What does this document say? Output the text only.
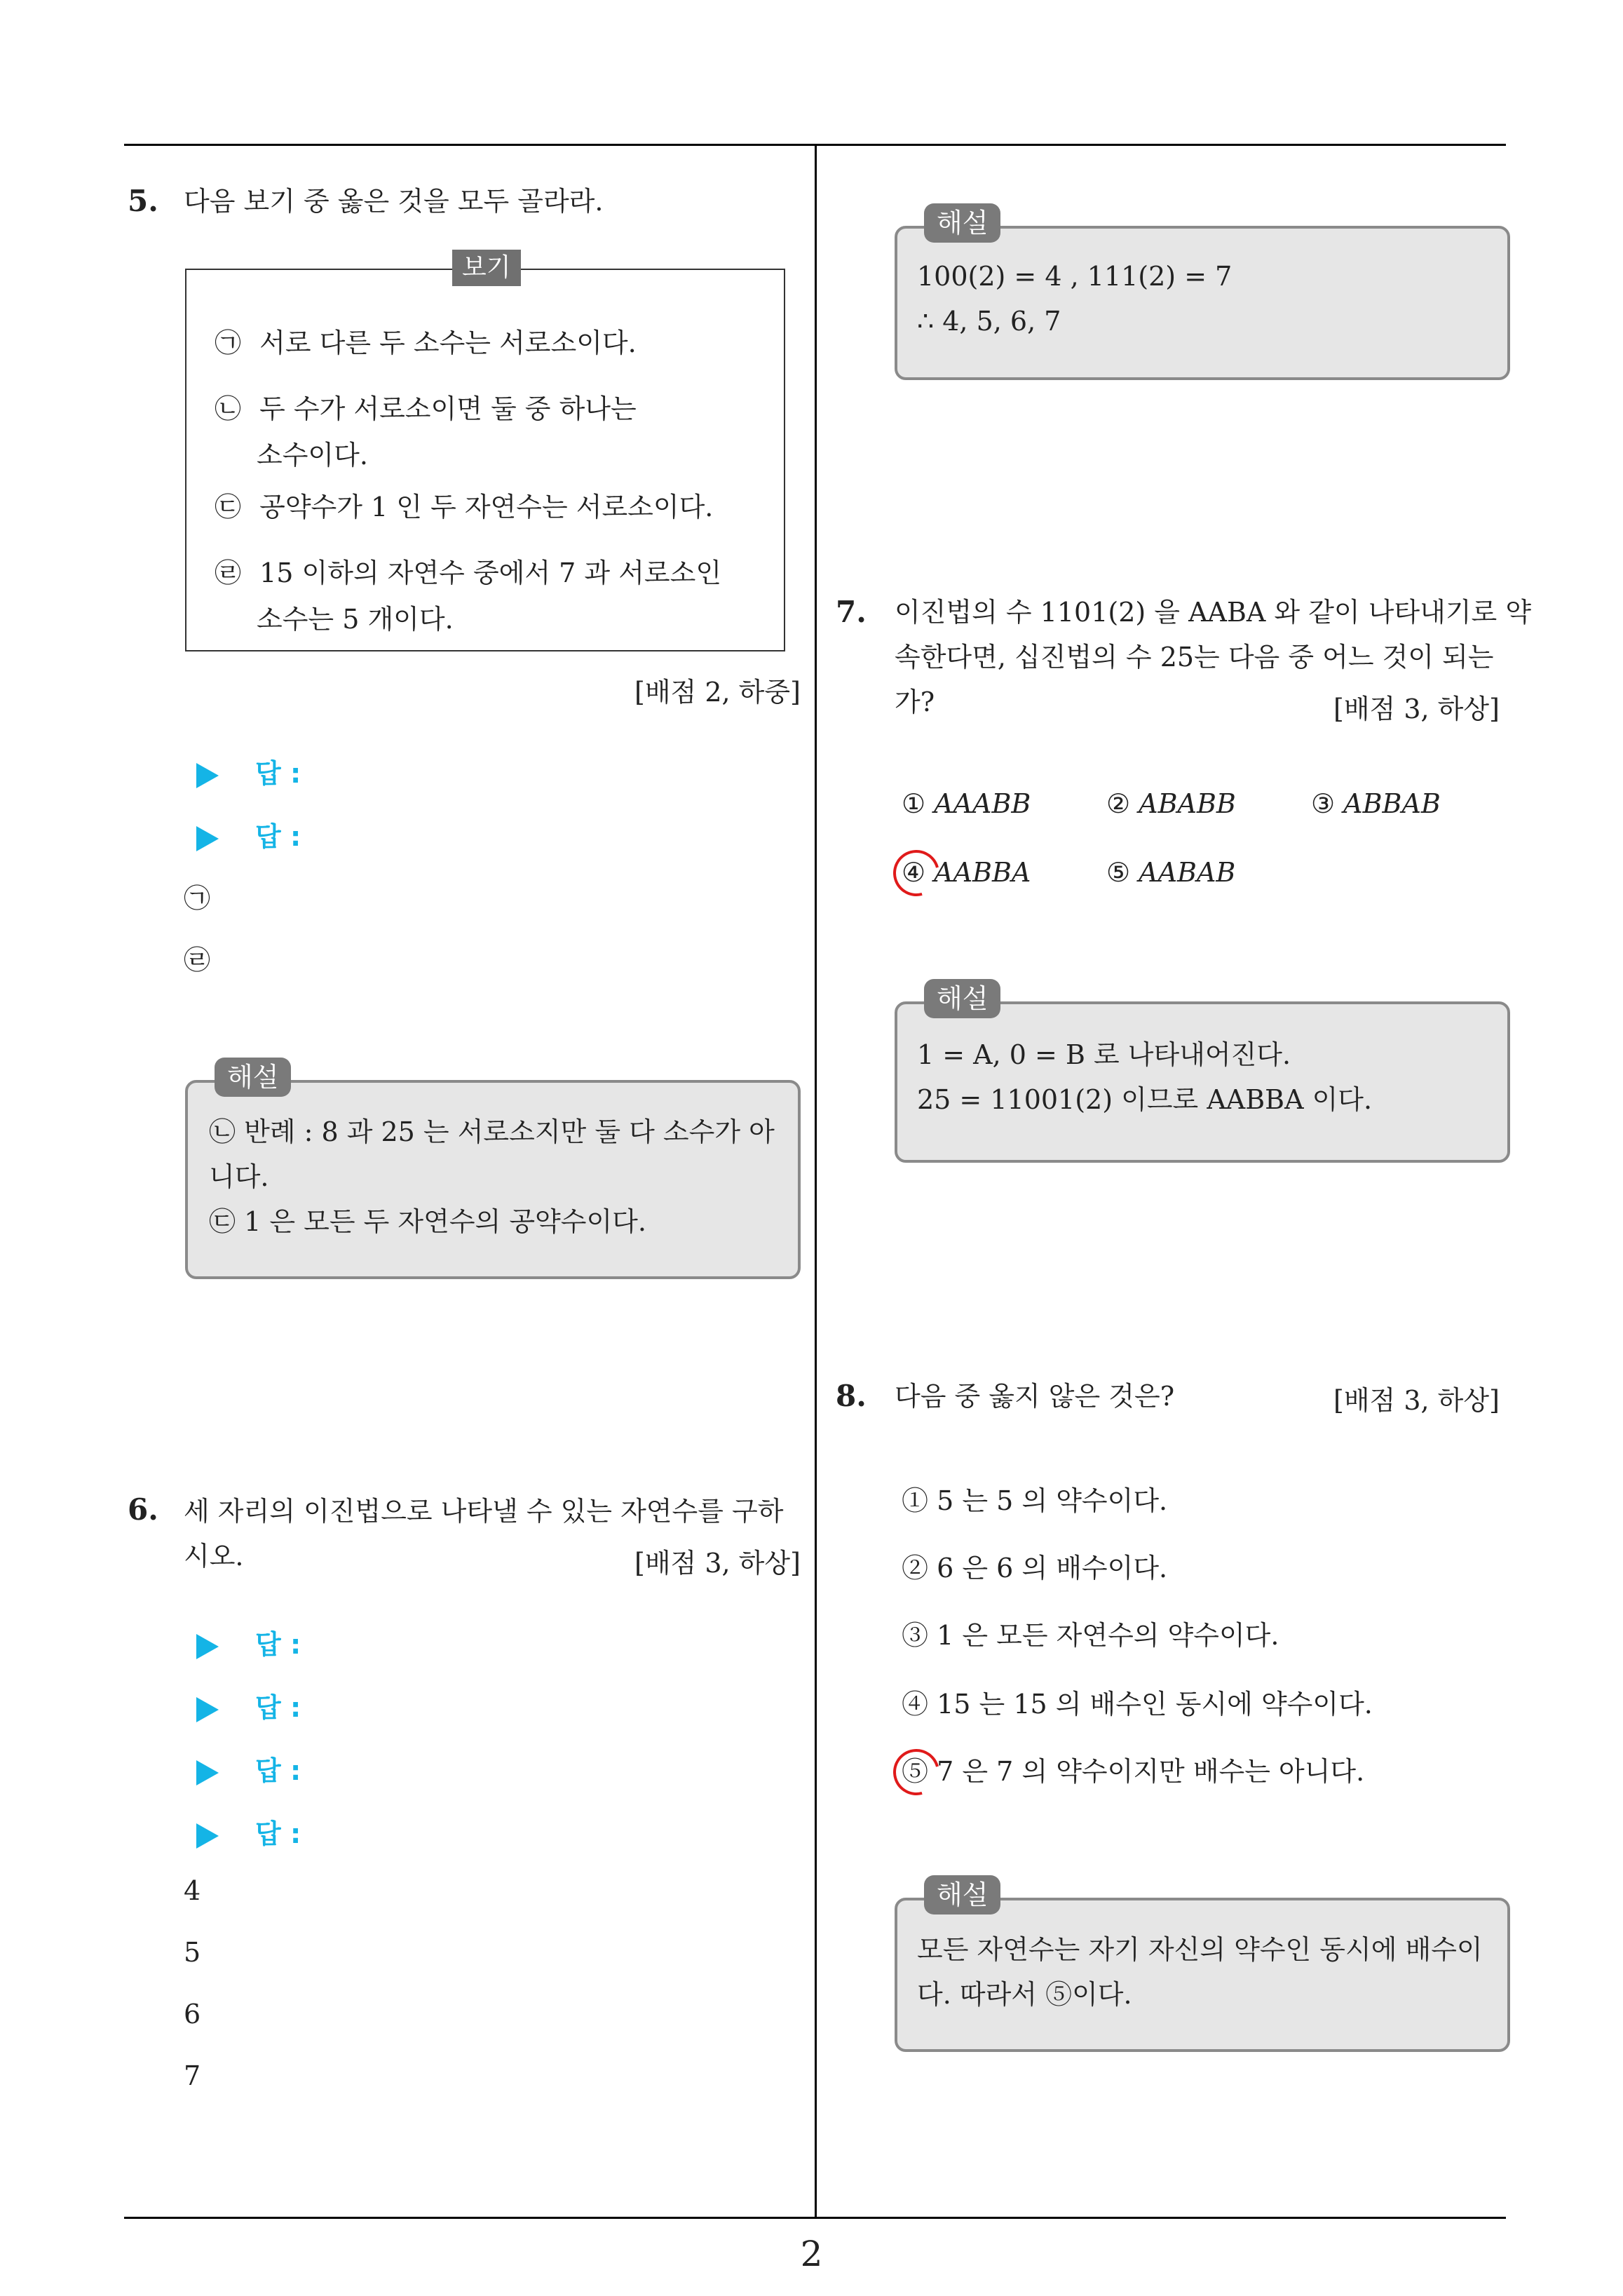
5. 다음 보기 중 옳은 것을 모두 골라라.
보기
㉠ 서로 다른 두 소수는 서로소이다.
㉡ 두 수가 서로소이면 둘 중 하나는
소수이다.
㉢ 공약수가 1 인 두 자연수는 서로소이다.
㉣ 15 이하의 자연수 중에서 7 과 서로소인
소수는 5 개이다.
[배점 2, 하중]
답 :
답 :
㉠
㉣
해설
㉡ 반례 : 8 과 25 는 서로소지만 둘 다 소수가 아
니다.
㉢ 1 은 모든 두 자연수의 공약수이다.
6. 세 자리의 이진법으로 나타낼 수 있는 자연수를 구하
시오.	[배점 3, 하상]
답 :
답 :
답 :
답 :
4
5
6
7
해설
100(2) = 4 , 111(2) = 7
∴ 4, 5, 6, 7
7. 이진법의 수 1101(2) 을 AABA 와 같이 나타내기로 약
속한다면, 십진법의 수 25는 다음 중 어느 것이 되는
가?	[배점 3, 하상]
① AAABB	② ABABB	③ ABBAB
④ AABBA	⑤ AABAB
해설
1 = A, 0 = B 로 나타내어진다.
25 = 11001(2) 이므로 AABBA 이다.
8. 다음 중 옳지 않은 것은?	[배점 3, 하상]
① 5 는 5 의 약수이다.
② 6 은 6 의 배수이다.
③ 1 은 모든 자연수의 약수이다.
④ 15 는 15 의 배수인 동시에 약수이다.
⑤ 7 은 7 의 약수이지만 배수는 아니다.
해설
모든 자연수는 자기 자신의 약수인 동시에 배수이
다. 따라서 ⑤이다.
2
